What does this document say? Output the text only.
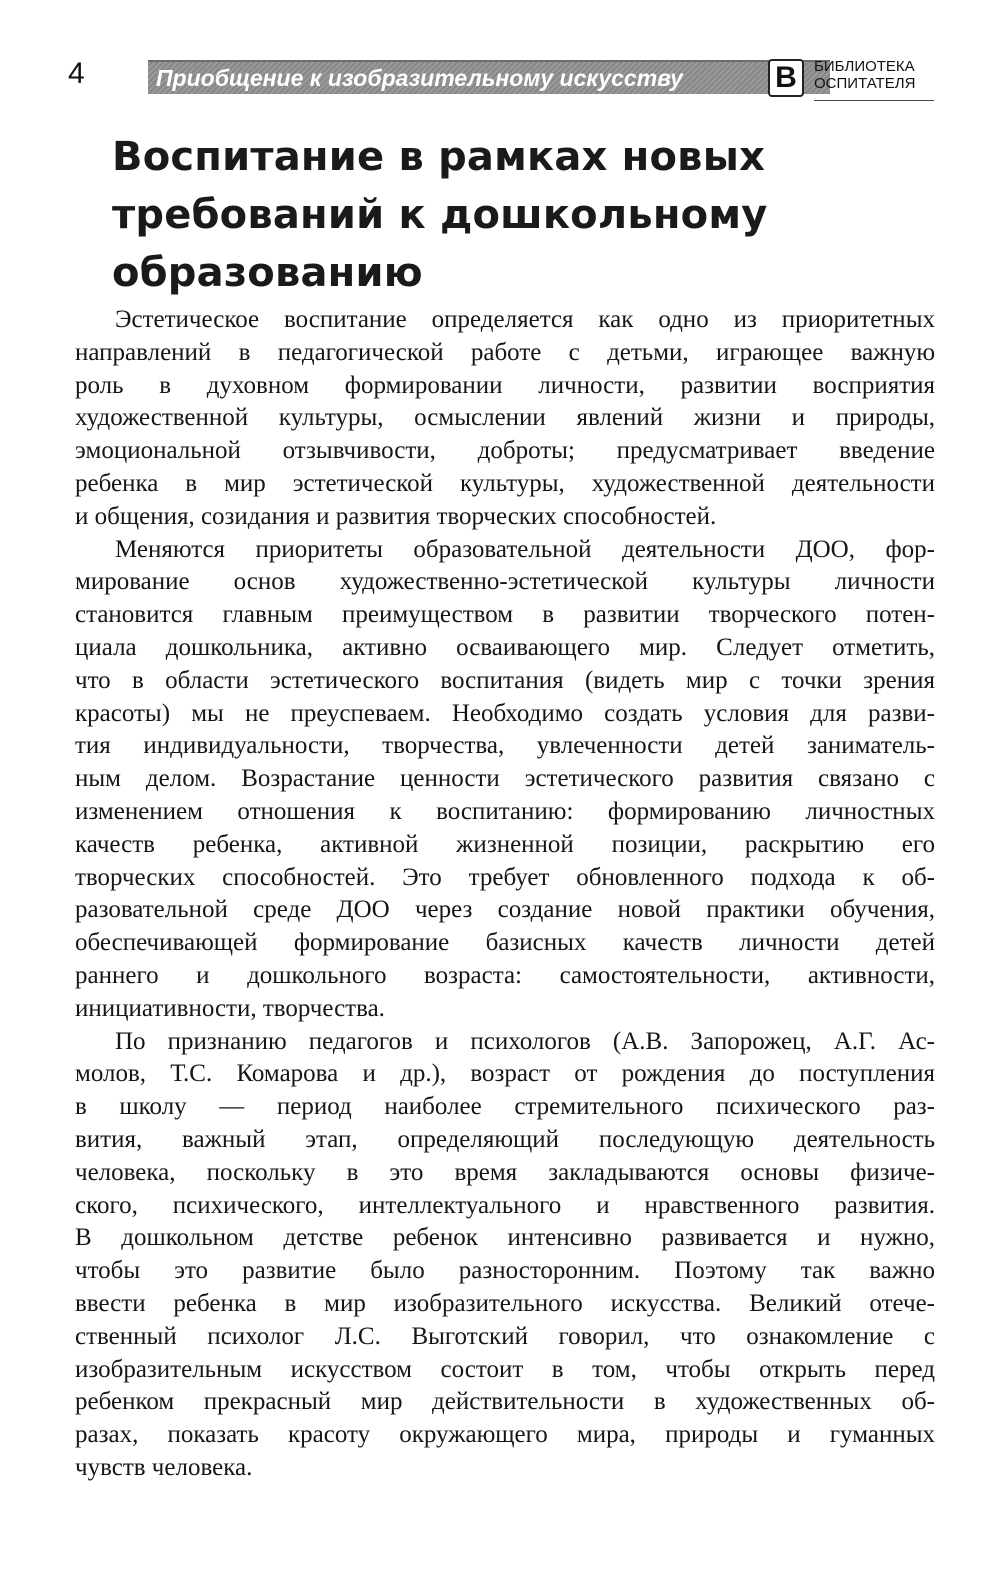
4	Приобщение к изобразительному искусству	В	БИБЛИОТЕКА
ОСПИТАТЕЛЯ
Воспитание в рамках новых
требований к дошкольному
образованию
Эстетическое воспитание определяется как одно из приоритетных
направлений в педагогической работе с детьми, играющее важную
роль в духовном формировании личности, развитии восприятия
художественной культуры, осмыслении явлений жизни и природы,
эмоциональной отзывчивости, доброты; предусматривает введение
ребенка в мир эстетической культуры, художественной деятельности
и общения, созидания и развития творческих способностей.
Меняются приоритеты образовательной деятельности ДОО, фор-
мирование основ художественно-эстетической культуры личности
становится главным преимуществом в развитии творческого потен-
циала дошкольника, активно осваивающего мир. Следует отметить,
что в области эстетического воспитания (видеть мир с точки зрения
красоты) мы не преуспеваем. Необходимо создать условия для разви-
тия индивидуальности, творчества, увлеченности детей заниматель-
ным делом. Возрастание ценности эстетического развития связано с
изменением отношения к воспитанию: формированию личностных
качеств ребенка, активной жизненной позиции, раскрытию его
творческих способностей. Это требует обновленного подхода к об-
разовательной среде ДОО через создание новой практики обучения,
обеспечивающей формирование базисных качеств личности детей
раннего и дошкольного возраста: самостоятельности, активности,
инициативности, творчества.
По признанию педагогов и психологов (А.В. Запорожец, А.Г. Ас-
молов, Т.С. Комарова и др.), возраст от рождения до поступления
в школу — период наиболее стремительного психического раз-
вития, важный этап, определяющий последующую деятельность
человека, поскольку в это время закладываются основы физиче-
ского, психического, интеллектуального и нравственного развития.
В дошкольном детстве ребенок интенсивно развивается и нужно,
чтобы это развитие было разносторонним. Поэтому так важно
ввести ребенка в мир изобразительного искусства. Великий отече-
ственный психолог Л.С. Выготский говорил, что ознакомление с
изобразительным искусством состоит в том, чтобы открыть перед
ребенком прекрасный мир действительности в художественных об-
разах, показать красоту окружающего мира, природы и гуманных
чувств человека.
